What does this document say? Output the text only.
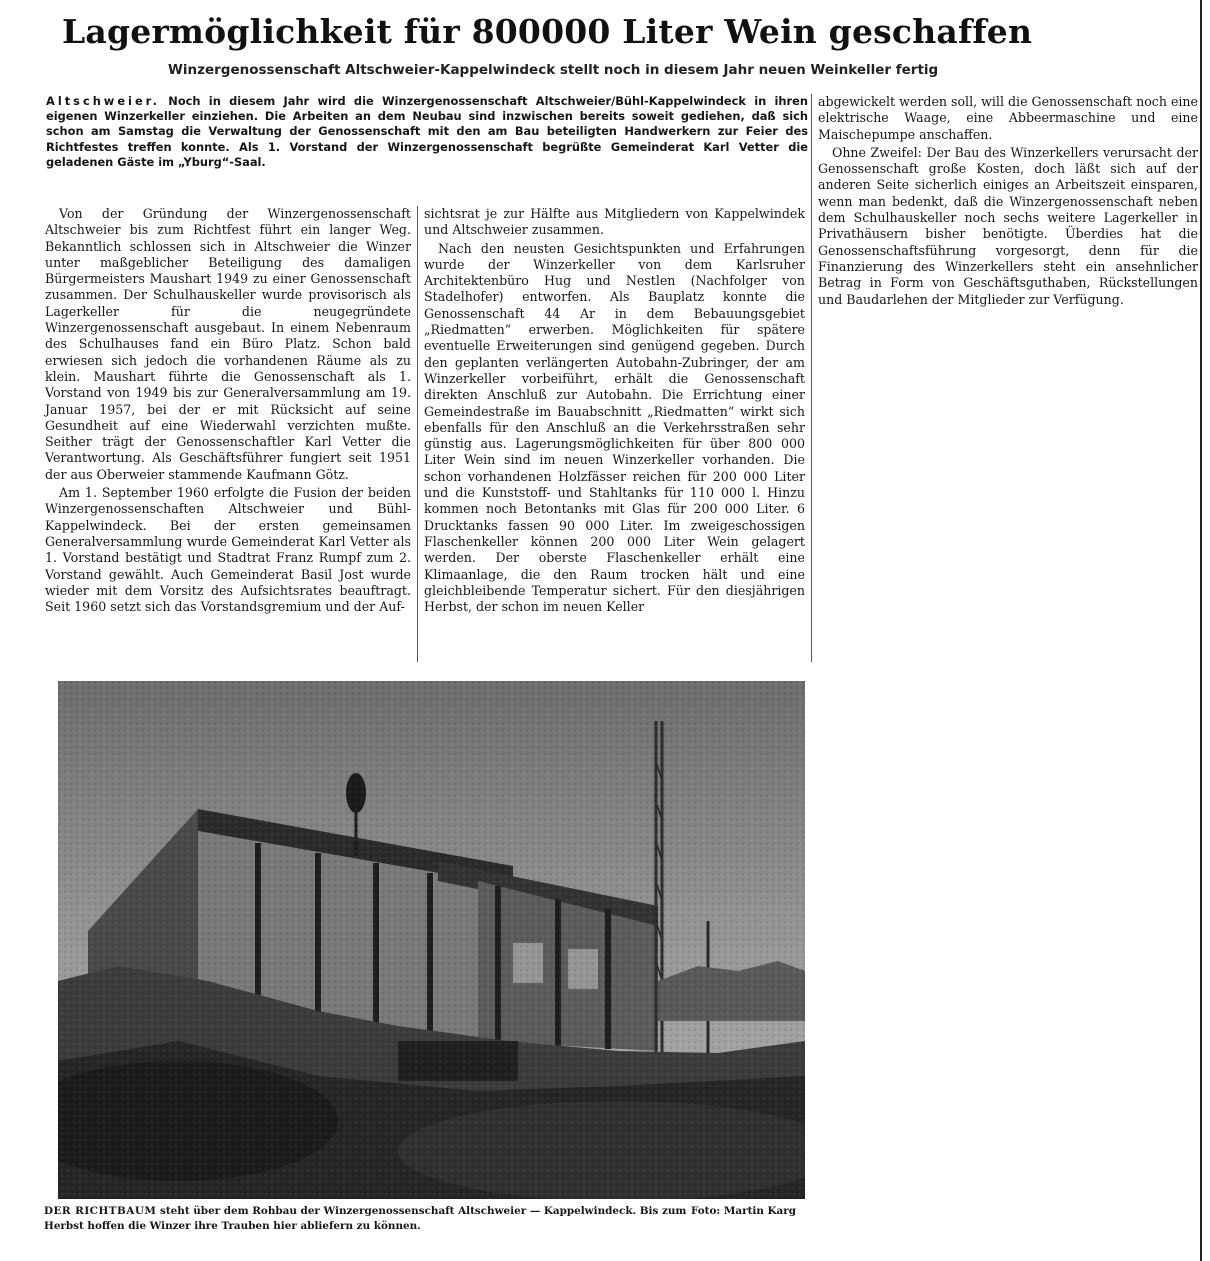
Lagermöglichkeit für 800000 Liter Wein geschaffen
Winzergenossenschaft Altschweier-Kappelwindeck stellt noch in diesem Jahr neuen Weinkeller fertig

Altschweier. Noch in diesem Jahr wird die Winzergenossenschaft Altschweier/Bühl-Kappelwindeck in ihren eigenen Winzerkeller einziehen. Die Arbeiten an dem Neubau sind inzwischen bereits soweit gediehen, daß sich schon am Samstag die Verwaltung der Genossenschaft mit den am Bau beteiligten Handwerkern zur Feier des Richtfestes treffen konnte. Als 1. Vorstand der Winzergenossenschaft begrüßte Gemeinderat Karl Vetter die geladenen Gäste im „Yburg“-Saal.

Von der Gründung der Winzergenossenschaft Altschweier bis zum Richtfest führt ein langer Weg. Bekanntlich schlossen sich in Altschweier die Winzer unter maßgeblicher Beteiligung des damaligen Bürgermeisters Maushart 1949 zu einer Genossenschaft zusammen. Der Schulhauskeller wurde provisorisch als Lagerkeller für die neugegründete Winzergenossenschaft ausgebaut. In einem Nebenraum des Schulhauses fand ein Büro Platz. Schon bald erwiesen sich jedoch die vorhandenen Räume als zu klein. Maushart führte die Genossenschaft als 1. Vorstand von 1949 bis zur Generalversammlung am 19. Januar 1957, bei der er mit Rücksicht auf seine Gesundheit auf eine Wiederwahl verzichten mußte. Seither trägt der Genossenschaftler Karl Vetter die Verantwortung. Als Geschäftsführer fungiert seit 1951 der aus Oberweier stammende Kaufmann Götz.

Am 1. September 1960 erfolgte die Fusion der beiden Winzergenossenschaften Altschweier und Bühl-Kappelwindeck. Bei der ersten gemeinsamen Generalversammlung wurde Gemeinderat Karl Vetter als 1. Vorstand bestätigt und Stadtrat Franz Rumpf zum 2. Vorstand gewählt. Auch Gemeinderat Basil Jost wurde wieder mit dem Vorsitz des Aufsichtsrates beauftragt. Seit 1960 setzt sich das Vorstandsgremium und der Auf-

sichtsrat je zur Hälfte aus Mitgliedern von Kappelwindek und Altschweier zusammen.

Nach den neusten Gesichtspunkten und Erfahrungen wurde der Winzerkeller von dem Karlsruher Architektenbüro Hug und Nestlen (Nachfolger von Stadelhofer) entworfen. Als Bauplatz konnte die Genossenschaft 44 Ar in dem Bebauungsgebiet „Riedmatten“ erwerben. Möglichkeiten für spätere eventuelle Erweiterungen sind genügend gegeben. Durch den geplanten verlängerten Autobahn-Zubringer, der am Winzerkeller vorbeiführt, erhält die Genossenschaft direkten Anschluß zur Autobahn. Die Errichtung einer Gemeindestraße im Bauabschnitt „Riedmatten“ wirkt sich ebenfalls für den Anschluß an die Verkehrsstraßen sehr günstig aus. Lagerungsmöglichkeiten für über 800 000 Liter Wein sind im neuen Winzerkeller vorhanden. Die schon vorhandenen Holzfässer reichen für 200 000 Liter und die Kunststoff- und Stahltanks für 110 000 l. Hinzu kommen noch Betontanks mit Glas für 200 000 Liter. 6 Drucktanks fassen 90 000 Liter. Im zweigeschossigen Flaschenkeller können 200 000 Liter Wein gelagert werden. Der oberste Flaschenkeller erhält eine Klimaanlage, die den Raum trocken hält und eine gleichbleibende Temperatur sichert. Für den diesjährigen Herbst, der schon im neuen Keller

abgewickelt werden soll, will die Genossenschaft noch eine elektrische Waage, eine Abbeermaschine und eine Maischepumpe anschaffen.

Ohne Zweifel: Der Bau des Winzerkellers verursacht der Genossenschaft große Kosten, doch läßt sich auf der anderen Seite sicherlich einiges an Arbeitszeit einsparen, wenn man bedenkt, daß die Winzergenossenschaft neben dem Schulhauskeller noch sechs weitere Lagerkeller in Privathäusern bisher benötigte. Überdies hat die Genossenschaftsführung vorgesorgt, denn für die Finanzierung des Winzerkellers steht ein ansehnlicher Betrag in Form von Geschäftsguthaben, Rückstellungen und Baudarlehen der Mitglieder zur Verfügung.

Foto: Martin Karg
DER RICHTBAUM steht über dem Rohbau der Winzergenossenschaft Altschweier — Kappelwindeck. Bis zum Herbst hoffen die Winzer ihre Trauben hier abliefern zu können.
